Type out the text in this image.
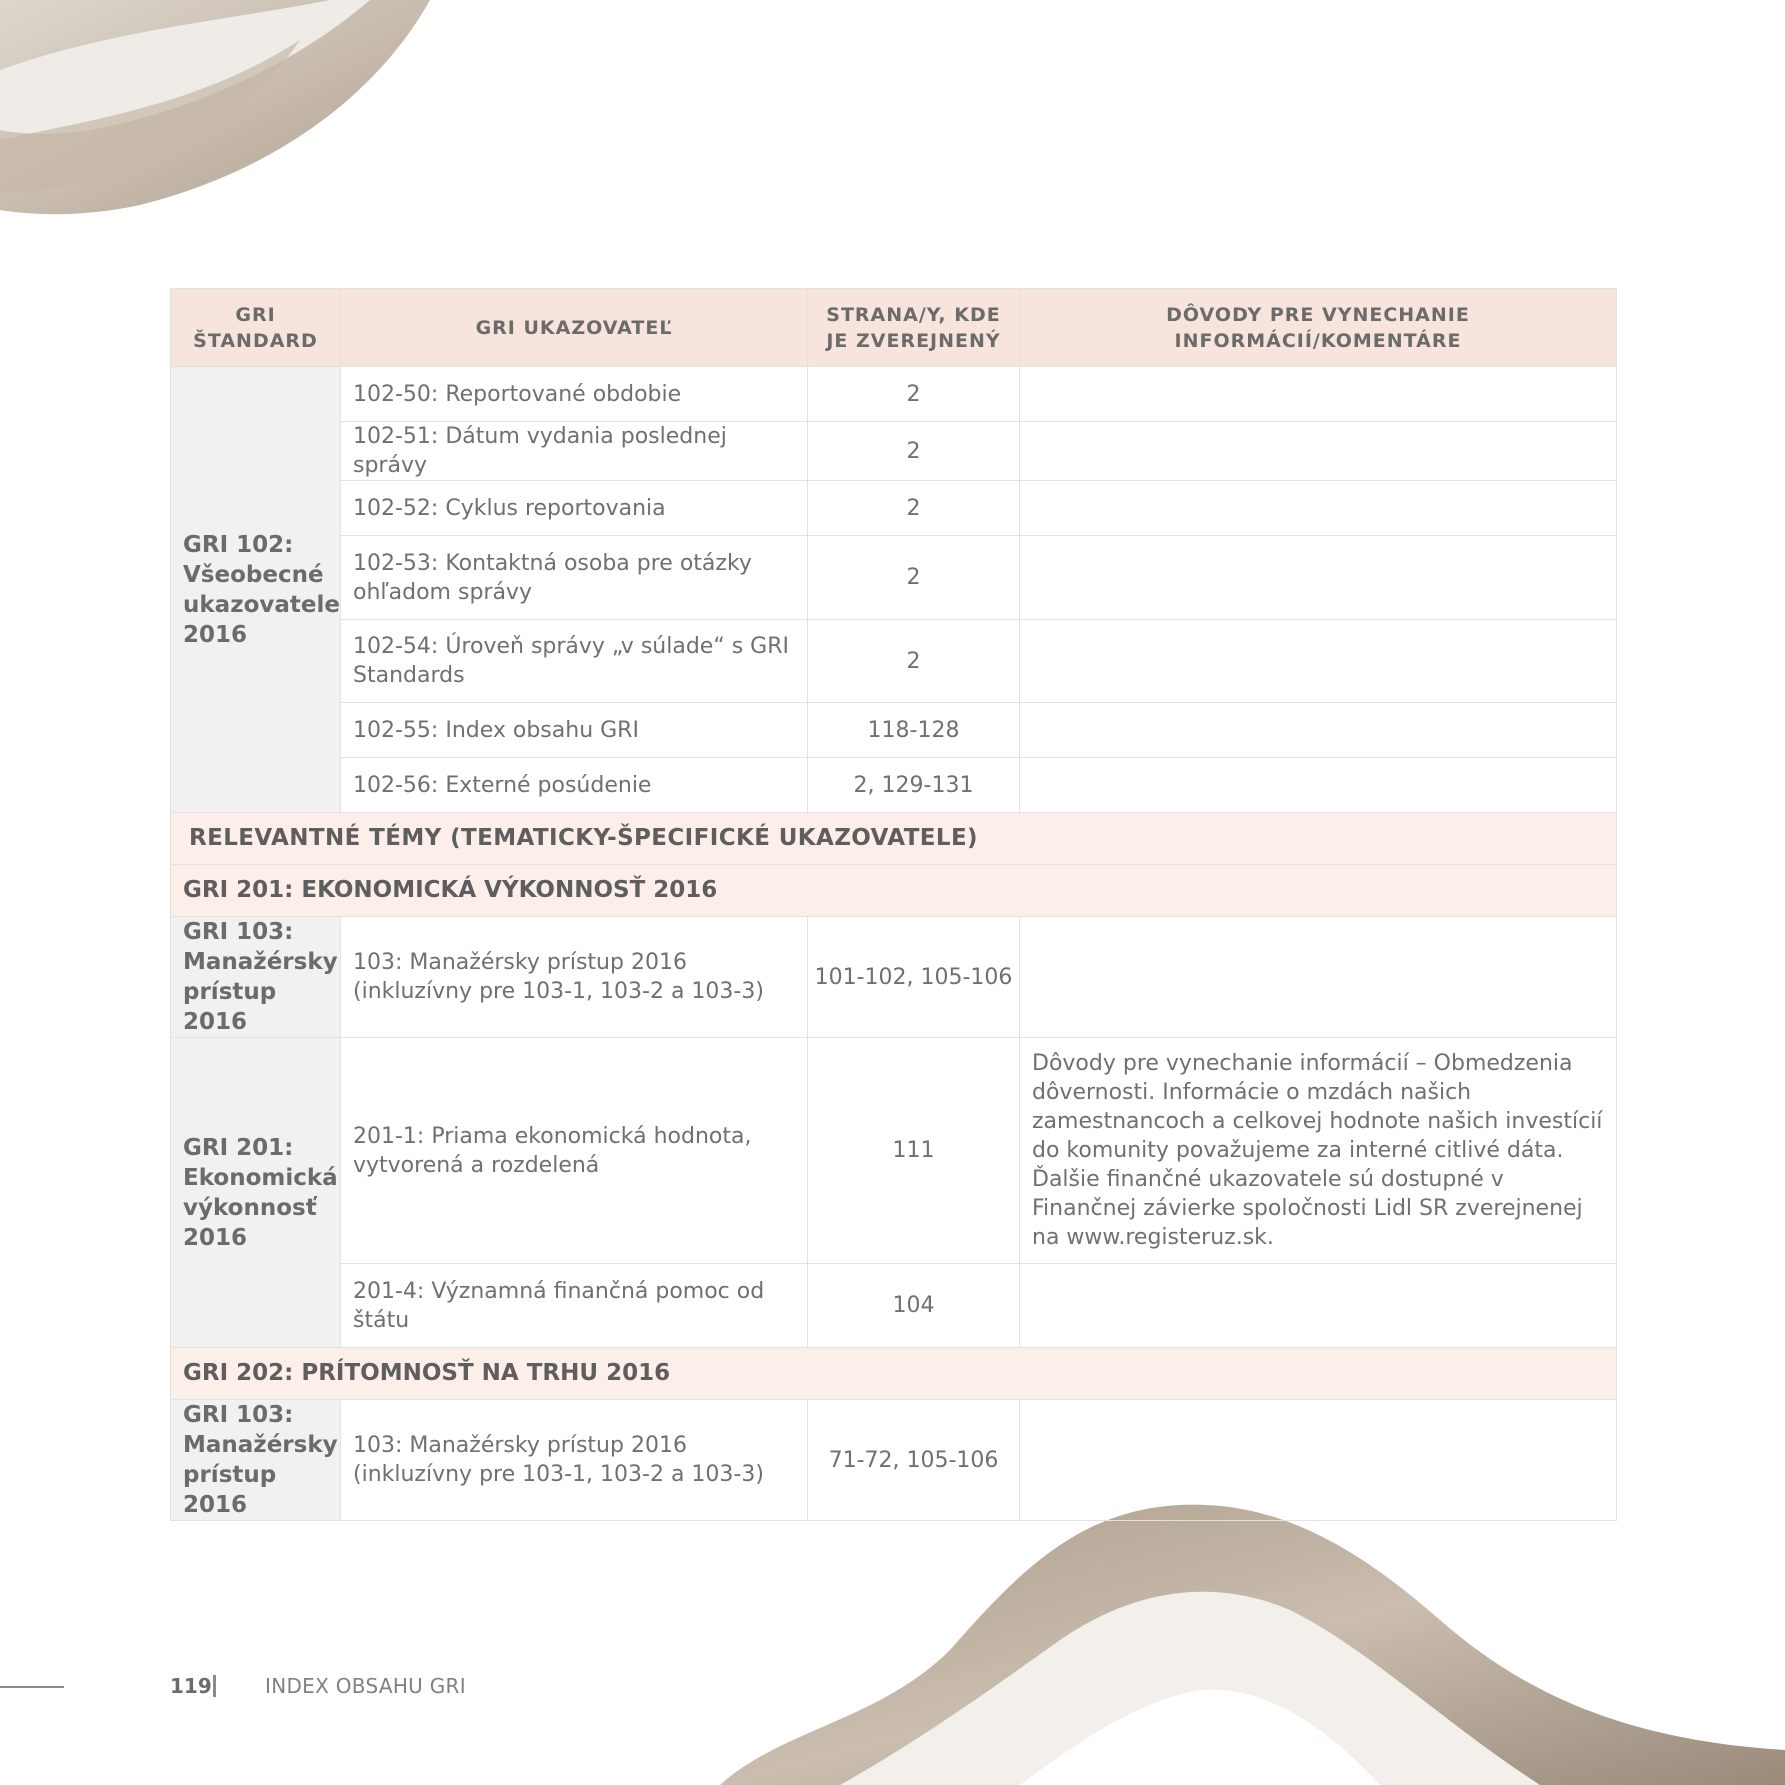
GRI ŠTANDARD	GRI UKAZOVATEĽ	STRANA/Y, KDE JE ZVEREJNENÝ	DÔVODY PRE VYNECHANIE INFORMÁCIÍ/KOMENTÁRE
GRI 102: Všeobecné ukazovatele 2016	102-50: Reportované obdobie	2	
	102-51: Dátum vydania poslednej správy	2	
	102-52: Cyklus reportovania	2	
	102-53: Kontaktná osoba pre otázky ohľadom správy	2	
	102-54: Úroveň správy „v súlade“ s GRI Standards	2	
	102-55: Index obsahu GRI	118-128	
	102-56: Externé posúdenie	2, 129-131	
RELEVANTNÉ TÉMY (TEMATICKY-ŠPECIFICKÉ UKAZOVATELE)			
GRI 201: EKONOMICKÁ VÝKONNOSŤ 2016			
GRI 103: Manažérsky prístup 2016	103: Manažérsky prístup 2016 (inkluzívny pre 103-1, 103-2 a 103-3)	101-102, 105-106	
GRI 201: Ekonomická výkonnosť 2016	201-1: Priama ekonomická hodnota, vytvorená a rozdelená	111	Dôvody pre vynechanie informácií – Obmedzenia dôvernosti. Informácie o mzdách našich zamestnancoch a celkovej hodnote našich investícií do komunity považujeme za interné citlivé dáta. Ďalšie finančné ukazovatele sú dostupné v Finančnej závierke spoločnosti Lidl SR zverejnenej na www.registeruz.sk.
	201-4: Významná finančná pomoc od štátu	104	
GRI 202: PRÍTOMNOSŤ NA TRHU 2016			
GRI 103: Manažérsky prístup 2016	103: Manažérsky prístup 2016 (inkluzívny pre 103-1, 103-2 a 103-3)	71-72, 105-106	
119	INDEX OBSAHU GRI
